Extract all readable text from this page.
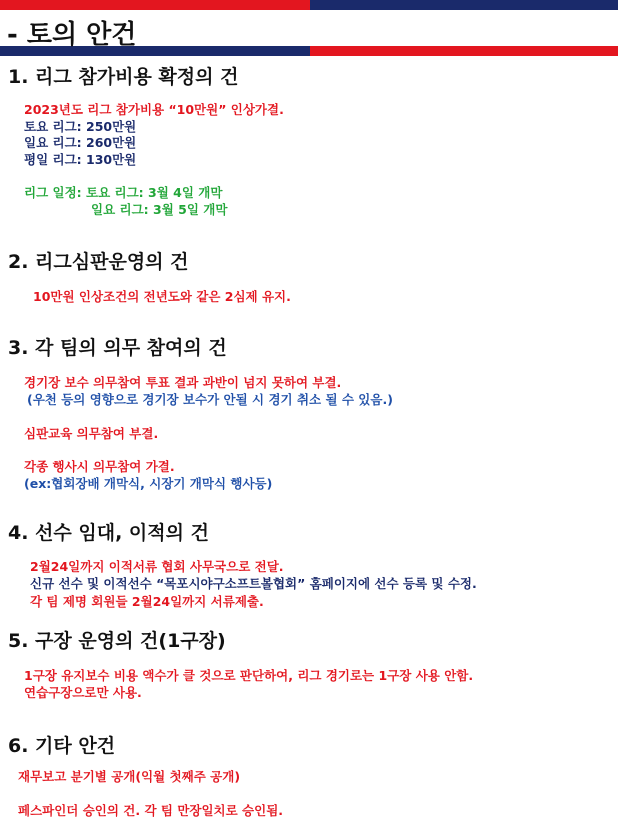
- 토의 안건
1. 리그 참가비용 확정의 건
2023년도 리그 참가비용 “10만원” 인상가결.
토요 리그: 250만원
일요 리그: 260만원
평일 리그: 130만원
리그 일정: 토요 리그: 3월 4일 개막
일요 리그: 3월 5일 개막
2. 리그심판운영의 건
10만원 인상조건의 전년도와 같은 2심제 유지.
3. 각 팀의 의무 참여의 건
경기장 보수 의무참여 투표 결과 과반이 넘지 못하여 부결.
(우천 등의 영향으로 경기장 보수가 안될 시 경기 취소 될 수 있음.)
심판교육 의무참여 부결.
각종 행사시 의무참여 가결.
(ex:협회장배 개막식, 시장기 개막식 행사등)
4. 선수 임대, 이적의 건
2월24일까지 이적서류 협회 사무국으로 전달.
신규 선수 및 이적선수 “목포시야구소프트볼협회” 홈페이지에 선수 등록 및 수정.
각 팀 제명 회원들 2월24일까지 서류제출.
5. 구장 운영의 건(1구장)
1구장 유지보수 비용 액수가 클 것으로 판단하여, 리그 경기로는 1구장 사용 안함.
연습구장으로만 사용.
6. 기타 안건
재무보고 분기별 공개(익월 첫째주 공개)
페스파인더 승인의 건. 각 팀 만장일치로 승인됨.
